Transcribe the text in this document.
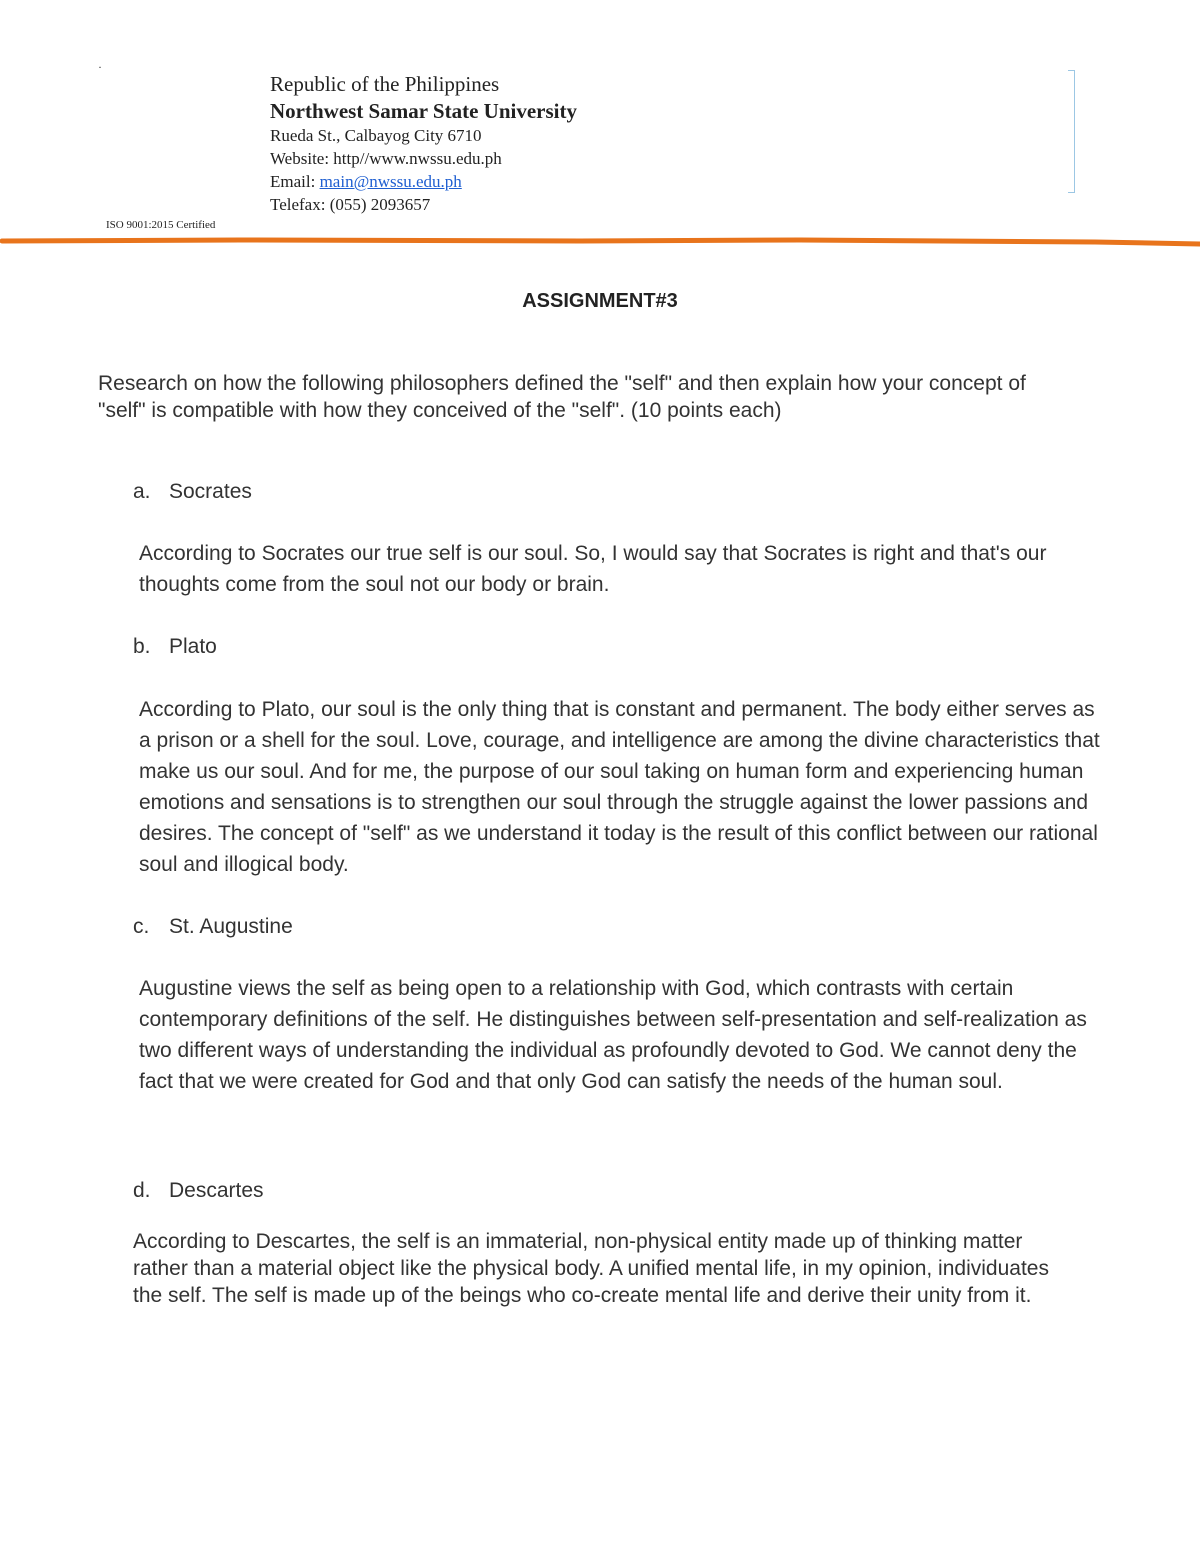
·
Republic of the Philippines
Northwest Samar State University
Rueda St., Calbayog City 6710
Website: http//www.nwssu.edu.ph
Email: main@nwssu.edu.ph
Telefax: (055) 2093657
ISO 9001:2015 Certified
ASSIGNMENT#3
Research on how the following philosophers defined the "self" and then explain how your concept of "self" is compatible with how they conceived of the "self". (10 points each)
a. Socrates
According to Socrates our true self is our soul. So, I would say that Socrates is right and that's our thoughts come from the soul not our body or brain.
b. Plato
According to Plato, our soul is the only thing that is constant and permanent. The body either serves as a prison or a shell for the soul. Love, courage, and intelligence are among the divine characteristics that make us our soul. And for me, the purpose of our soul taking on human form and experiencing human emotions and sensations is to strengthen our soul through the struggle against the lower passions and desires. The concept of "self" as we understand it today is the result of this conflict between our rational soul and illogical body.
c. St. Augustine
Augustine views the self as being open to a relationship with God, which contrasts with certain contemporary definitions of the self. He distinguishes between self-presentation and self-realization as two different ways of understanding the individual as profoundly devoted to God. We cannot deny the fact that we were created for God and that only God can satisfy the needs of the human soul.
d. Descartes
According to Descartes, the self is an immaterial, non-physical entity made up of thinking matter rather than a material object like the physical body. A unified mental life, in my opinion, individuates the self. The self is made up of the beings who co-create mental life and derive their unity from it.
